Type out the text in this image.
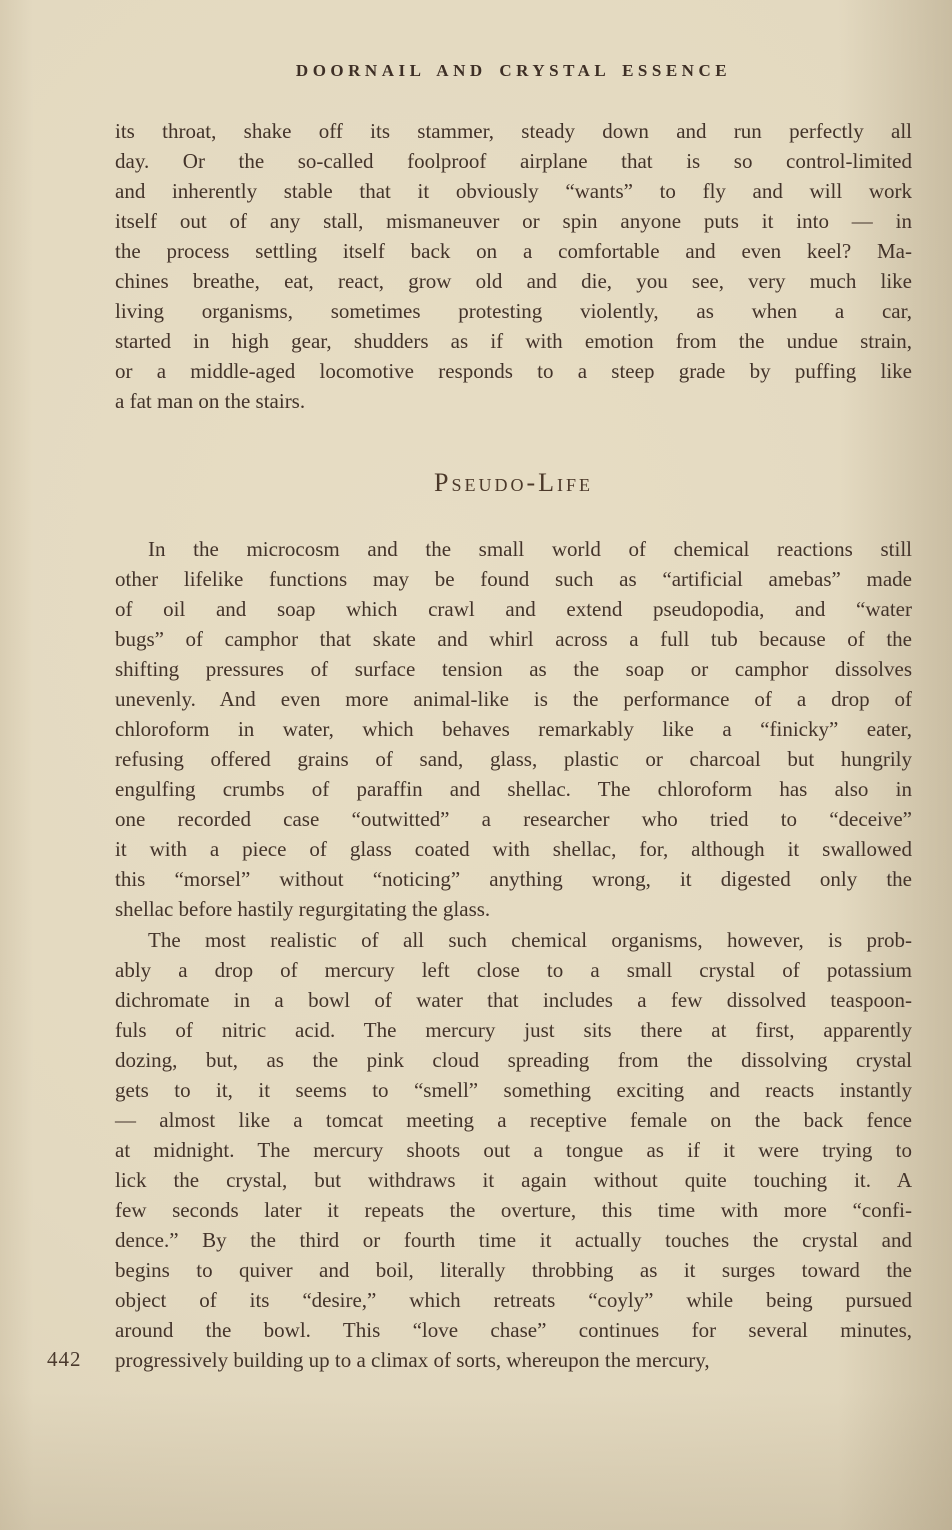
DOORNAIL AND CRYSTAL ESSENCE
its throat, shake off its stammer, steady down and run perfectly all
day. Or the so-called foolproof airplane that is so control-limited
and inherently stable that it obviously “wants” to fly and will work
itself out of any stall, mismaneuver or spin anyone puts it into — in
the process settling itself back on a comfortable and even keel? Ma-
chines breathe, eat, react, grow old and die, you see, very much like
living organisms, sometimes protesting violently, as when a car,
started in high gear, shudders as if with emotion from the undue strain,
or a middle-aged locomotive responds to a steep grade by puffing like
a fat man on the stairs.
Pseudo-Life
In the microcosm and the small world of chemical reactions still
other lifelike functions may be found such as “artificial amebas” made
of oil and soap which crawl and extend pseudopodia, and “water
bugs” of camphor that skate and whirl across a full tub because of the
shifting pressures of surface tension as the soap or camphor dissolves
unevenly. And even more animal-like is the performance of a drop of
chloroform in water, which behaves remarkably like a “finicky” eater,
refusing offered grains of sand, glass, plastic or charcoal but hungrily
engulfing crumbs of paraffin and shellac. The chloroform has also in
one recorded case “outwitted” a researcher who tried to “deceive”
it with a piece of glass coated with shellac, for, although it swallowed
this “morsel” without “noticing” anything wrong, it digested only the
shellac before hastily regurgitating the glass.
The most realistic of all such chemical organisms, however, is prob-
ably a drop of mercury left close to a small crystal of potassium
dichromate in a bowl of water that includes a few dissolved teaspoon-
fuls of nitric acid. The mercury just sits there at first, apparently
dozing, but, as the pink cloud spreading from the dissolving crystal
gets to it, it seems to “smell” something exciting and reacts instantly
— almost like a tomcat meeting a receptive female on the back fence
at midnight. The mercury shoots out a tongue as if it were trying to
lick the crystal, but withdraws it again without quite touching it. A
few seconds later it repeats the overture, this time with more “confi-
dence.” By the third or fourth time it actually touches the crystal and
begins to quiver and boil, literally throbbing as it surges toward the
object of its “desire,” which retreats “coyly” while being pursued
around the bowl. This “love chase” continues for several minutes,
progressively building up to a climax of sorts, whereupon the mercury,
442
